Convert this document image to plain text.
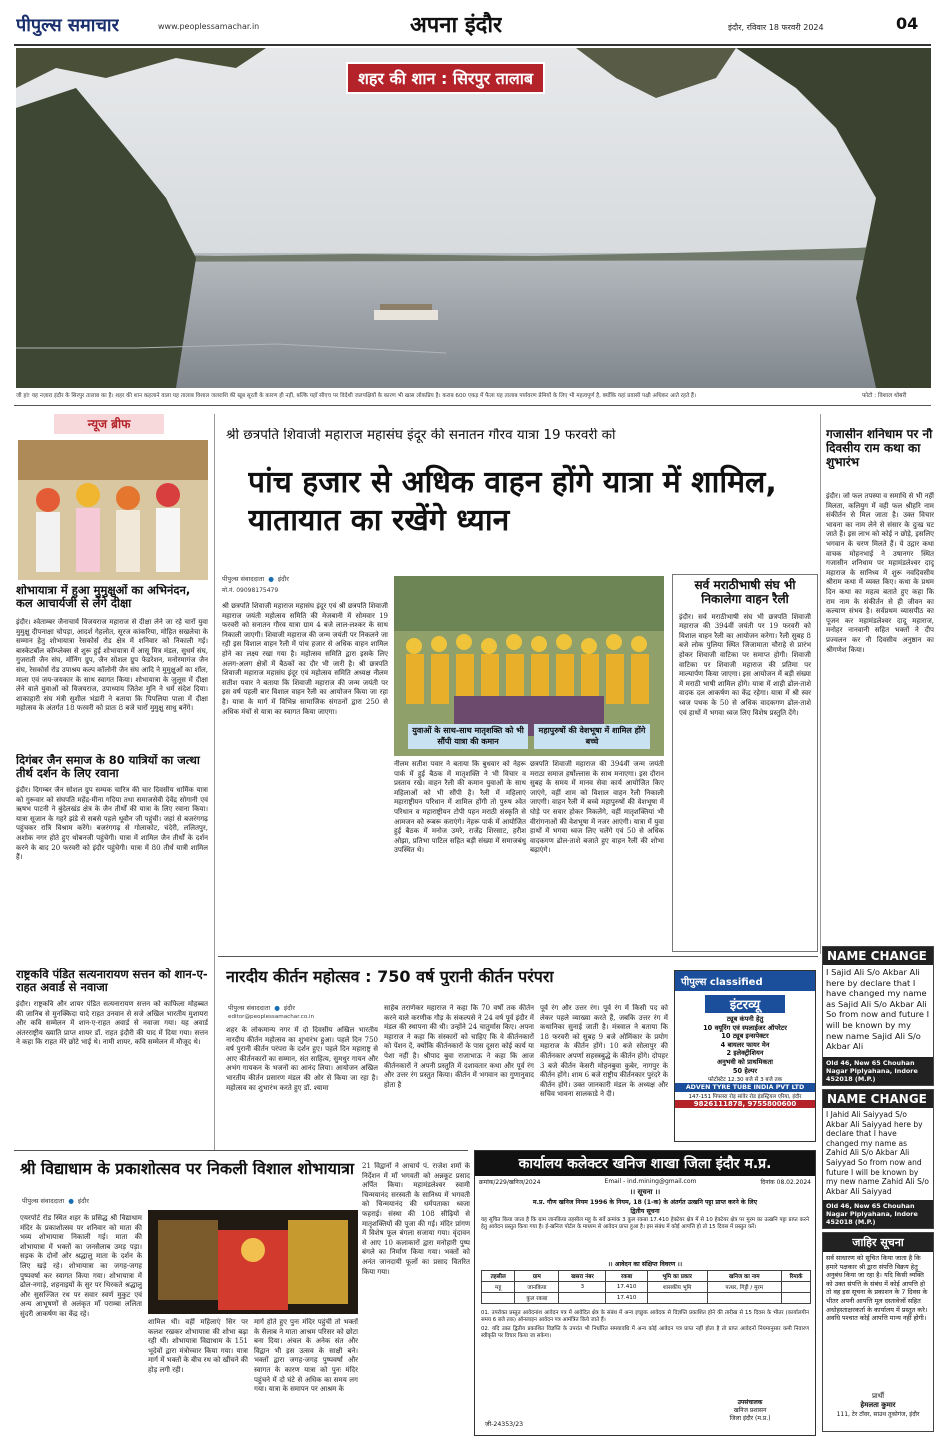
पीपुल्स समाचार	www.peoplessamachar.in	अपना इंदौर	इंदौर, रविवार 18 फरवरी 2024	04
शहर की शान : सिरपुर तालाब
जी हां! यह नज़ारा इंदौर के सिरपुर तालाब का है। शहर की शान कहलाने वाला यह तालाब विशाल जलराशि की खूब सूरती के कारण ही नहीं, बल्कि यहाँ सीएच पर विदेशी जलपक्षियों के कारण भी खास लोकप्रिय है। कराब 600 एकड़ में फैला यह तालाब पर्यावरण प्रेमियों के लिए भी महत्वपूर्ण है, क्योंकि यहां प्रवासी पक्षी अधिकर आते रहते हैं।	फोटो : विशाल थोबरी
न्यूज ब्रीफ
शोभायात्रा में हुआ मुमुक्षुओं का अभिनंदन, कल आचार्यजी से लेंगे दीक्षा
इंदौर। श्वेताम्बर जैनाचार्य विजयराज महाराज से दीक्षा लेने जा रहे चारों युवा मुमुक्षु दीपनाक्षा चोपड़ा, आदर्श गेहलोत, सूरज कांकरिया, मोहित सखलेचा के सम्मान हेतु शोभायात्रा रेसकोर्स रोड क्षेत्र में शनिवार को निकाली गई। बास्केटबॉल कॉम्प्लेक्स से शुरू हुई शोभायात्रा में आसू मित्र मंडल, सुधर्म संघ, गुजराती जैन संघ, मॉनिंग ग्रुप, जैन सोशल ग्रुप फेडरेशन, मनोरमागंज जैन संघ, रेसकोर्स रोड उपाश्रय कल्प कॉलोनी जैन संघ आदि ने मुमुक्षुओं का शॉल, माला एवं जय-जयकार के साथ स्वागत किया। शोभायात्रा के जुलूस में दीक्षा लेने वाले युवाओं को विजयराज, उपाध्याय जितेश मुनि ने धर्म संदेश दिया। शाकाहारी संघ मंत्री सुशील भंडारी ने बताया कि पिपलिया पाला में दीक्षा महोत्सव के अंतर्गत 18 फरवरी को प्रातः 8 बजे चारों मुमुक्षु साधु बनेंगे।
दिगंबर जैन समाज के 80 यात्रियों का जत्था तीर्थ दर्शन के लिए रवाना
इंदौर। दिगम्बर जैन सोशल ग्रुप सम्यक चारित्र की चार दिवसीय धार्मिक यात्रा को गुरूवार को संघपति महेंद्र-मीना गदिया तथा समाजसेवी देवेंद्र सोगानी एवं ऋषभ पाटनी ने बुंदेलखंड क्षेत्र के जैन तीर्थों की यात्रा के लिए रवाना किया। यात्रा सूजान के गहरे झंडे से सबसे पहले थूवौन जी पहुंची। जहां से बजरंगगढ़ पहुंचकर रात्रि विश्राम करेंगे। बजरंगगढ़ से गोलाकोट, चंदेरी, ललितपुर, अशोक नगर होते हुए थोबनजी पहुंचेगी। यात्रा में शामिल जैन तीर्थों के दर्शन करने के बाद 20 फरवरी को इंदौर पहुंचेगी। यात्रा में 80 तीर्थ यात्री शामिल हैं।
राष्ट्रकवि पंडित सत्यनारायण सत्तन को शान-ए-राहत अवार्ड से नवाजा
इंदौर। राष्ट्रकवि और शायर पंडित सत्यनारायण सत्तन को काफिला मोहब्बत की जानिब से मुनक्किदा यादे राहत उनवान से सजे अखिल भारतीय मुशायरा और कवि सम्मेलन में शान-ए-राहत अवार्ड से नवाजा गया। यह अवार्ड अंतरराष्ट्रीय ख्याति प्राप्त शायर डॉ. राहत इंदौरी की याद में दिया गया। सत्तन ने कहा कि राहत मेरे छोटे भाई थे। नामी शायर, कवि सम्मेलन में मौजूद थे।
श्री छत्रपति शिवाजी महाराज महासंघ इंदूर की सनातन गौरव यात्रा 19 फरवरी को
पांच हजार से अधिक वाहन होंगे यात्रा में शामिल, यातायात का रखेंगे ध्यान
पीपुल्स संवाददाता ● इंदौर
मो.नं. 09098175479
श्री छत्रपति शिवाजी महाराज महासंघ इंदूर एवं श्री छत्रपति शिवाजी महाराज जयंती महोत्सव समिति की मेजबानी में सोमवार 19 फरवरी को सनातन गौरव यात्रा ग्राम 4 बजे लाल-लश्कर के साथ निकाली जाएगी। शिवाजी महाराज की जन्म जयंती पर निकलने जा रही इस विशाल वाहन रैली में पांच हजार से अधिक वाहन शामिल होने का लक्ष्य रखा गया है। महोत्सव समिति द्वारा इसके लिए अलग-अलग क्षेत्रों में बैठकों का दौर भी जारी है। श्री छत्रपति शिवाजी महाराज महासंघ इंदूर एवं महोत्सव समिति अध्यक्ष नीलम सतीश पवार ने बताया कि शिवाजी महाराज की जन्म जयंती पर इस वर्ष पहली बार विशाल वाहन रैली का आयोजन किया जा रहा है। यात्रा के मार्ग में विभिन्न सामाजिक संगठनों द्वारा 250 से अधिक मंचों से यात्रा का स्वागत किया जाएगा।
युवाओं के साथ-साथ मातृशक्ति को भी सौंपी यात्रा की कमान
महापुरुषों की वेशभूषा में शामिल होंगे बच्चे
नीलम सतीश पवार ने बताया कि बुधवार को नेहरू पार्क में हुई बैठक में मातृशक्ति ने भी विचार व प्रस्ताव रखे। वाहन रैली की कमान युवाओं के साथ महिलाओं को भी सौंपी है। रैली में महिलाएं महाराष्ट्रीयन परिधान में शामिल होंगी तो पुरुष श्वेत परिधान व महाराष्ट्रीयन टोपी पहन मराठी संस्कृति से आमजन को रूबरू कराएंगे। नेहरू पार्क में आयोजित हुई बैठक में मनोज उमरे, राजेंद्र शिरसाट, हरीश ओझा, प्रतिभा पाटिल सहित बड़ी संख्या में समाजबंधु उपस्थित थे।
छत्रपति शिवाजी महाराज की 394वीं जन्म जयंती मराठा समाज हर्षोल्लास के साथ मनाएगा। इस दौरान सुबह के समय में मानव सेवा कार्य आयोजित किए जाएंगे, वहीं शाम को विशाल वाहन रैली निकाली जाएगी। वाहन रैली में बच्चे महापुरुषों की वेशभूषा में घोड़े पर सवार होकर निकलेंगे, वहीं मातृशक्तियां भी वीरांगनाओं की वेशभूषा में नजर आएंगी। यात्रा में युवा हाथों में भगवा ध्वज लिए चलेंगे एवं 50 से अधिक वादकगण ढोल-ताशे बजाते हुए वाहन रैली की शोभा बढ़ाएंगे।
सर्व मराठीभाषी संघ भी निकालेगा वाहन रैली
इंदौर। सर्व मराठीभाषी संघ भी छत्रपति शिवाजी महाराज की 394वीं जयंती पर 19 फरवरी को विशाल वाहन रैली का आयोजन करेगा। रैली सुबह 8 बजे लोक पुलिया स्थित जिजामाता चौराहे से प्रारंभ होकर शिवाजी वाटिका पर समाप्त होगी। शिवाजी वाटिका पर शिवाजी महाराज की प्रतिमा पर माल्यार्पण किया जाएगा। इस आयोजन में बड़ी संख्या में मराठी भाषी शामिल होंगे। यात्रा में शाही ढोल-ताशे वादक दल आकर्षण का केंद्र रहेगा। यात्रा में श्री स्वर ध्वज पथक के 50 से अधिक वादकगण ढोल-ताशे एवं हाथों में भगवा ध्वज लिए विशेष प्रस्तुति देंगे।
गजासीन शनिधाम पर नौ दिवसीय राम कथा का शुभारंभ
इंदौर। जो फल तपस्या व समाधि से भी नहीं मिलता, कलियुग में वही फल श्रीहरि नाम संकीर्तन से मिल जाता है। उक्त विचार भावना का नाम लेने से संसार के दुःख घट जाते हैं। इस लाभ को कोई न छोड़े, इसलिए भगवान के चरण मिलते हैं। ये उद्गार कथा वाचक मोहनभाई ने उषानगर स्थित गजासीन शनिधाम पर महामंडलेश्वर दादू महाराज के सानिध्य में शुरू नवदिवसीय श्रीराम कथा में व्यक्त किए। कथा के प्रथम दिन कथा का महत्व बताते हुए कहा कि राम नाम के संकीर्तन से ही जीवन का कल्याण संभव है। सर्वप्रथम व्यासपीठ का पूजन कर महामंडलेश्वर दादू महाराज, मनोहर नानवानी सहित भक्तों ने दीप प्रज्वलन कर नौ दिवसीय अनुष्ठान का श्रीगणेश किया।
NAME CHANGE
I Sajid Ali S/o Akbar Ali here by declare that I have changed my name as Sajid Ali S/o Akbar Ali So from now and future I will be known by my new name Sajid Ali S/o Akbar Ali
Old 46, New 65 Chouhan Nagar Piplyahana, Indore 452018 (M.P.)
NAME CHANGE
I Jahid Ali Saiyyad S/o Akbar Ali Saiyyad here by declare that I have changed my name as Zahid Ali S/o Akbar Ali Saiyyad So from now and future I will be known by my new name Zahid Ali S/o Akbar Ali Saiyyad
Old 46, New 65 Chouhan Nagar Piplyahana, Indore 452018 (M.P.)
जाहिर सूचना
सर्व साधारण को सूचित किया जाता है कि हमारे पक्षकार श्री द्वारा संपत्ति विक्रय हेतु अनुबंध किया जा रहा है। यदि किसी व्यक्ति को उक्त संपत्ति के संबंध में कोई आपत्ति हो तो वह इस सूचना के प्रकाशन के 7 दिवस के भीतर अपनी आपत्ति मूल दस्तावेजों सहित अधोहस्ताक्षरकर्ता के कार्यालय में प्रस्तुत करे। अवधि पश्चात कोई आपत्ति मान्य नहीं होगी।
प्रार्थी
हेमलता कुमार
111, टेर टॉवर, साउथ तुकोगंज, इंदौर
नारदीय कीर्तन महोत्सव : 750 वर्ष पुरानी कीर्तन परंपरा
पीपुल्स संवाददाता ● इंदौर
editor@peoplessamachar.co.in
शहर के लोकमान्य नगर में दो दिवसीय अखिल भारतीय नारदीय कीर्तन महोत्सव का शुभारंभ हुआ। पहले दिन 750 वर्ष पुरानी कीर्तन परंपरा के दर्शन हुए। पहले दिन महाराष्ट्र से आए कीर्तनकारों का सम्मान, संत साहित्य, सुमधुर गायन और अभंग गायकन के भजनों का आनंद लिया। आयोजन अखिल भारतीय कीर्तन प्रसारण मंडल की ओर से किया जा रहा है। महोत्सव का शुभारंभ करते हुए डॉ. श्यामा
साहेब तराणेकर महाराज ने कहा कि 70 वर्षों तक कीर्तन करने वाले करणीक गौड़ के संकल्पसे ने 24 वर्ष पूर्व इंदौर में मंडल की स्थापना की थी। उन्होंने 24 चातुर्मास किए। अपना महाराज ने कहा कि संस्कारों को चाहिए कि वे कीर्तनकारों को पेंशन दें, क्योंकि कीर्तनकारों के पास दूसरा कोई कार्य या पेशा नहीं है। श्रीपाद बुवा राजाभाऊ ने कहा कि आज कीर्तनकारों ने अपनी प्रस्तुति में दशावतार कथा और पूर्व रंग और उत्तर रंग प्रस्तुत किया। कीर्तन में भगवान का गुणानुवाद होता है
पूर्व रंग और उत्तर रंग। पूर्व रंग में किसी पद को लेकर पहले व्याख्या करते हैं, जबकि उत्तर रंग में कथानिका सुनाई जाती है। मंत्रवाल ने बताया कि 18 फरवरी को सुबह 9 बजे ओमिंकार के प्रयोग महाराज के कीर्तन होंगे। 10 बजे सोलापुर की कीर्तनकार अपर्णा सहस्त्रबुद्धे के कीर्तन होंगे। दोपहर 3 बजे कीर्तन केसरी मोहनबुवा कुबेर, नागपुर के कीर्तन होंगे। शाम 6 बजे राष्ट्रीय कीर्तनकार पुरंदरे के कीर्तन होंगे। उक्त जानकारी मंडल के अध्यक्ष और सचिव भावना सालकाडे ने दी।
पीपुल्स classified
इंटरव्यू
ट्यूब कंपनी हेतु
10 वयूरिंग एवं स्पलाईजर ऑपरेटर
10 ट्यूब इन्सपेक्टर
4 बायलर फायर मेन
2 इलेक्ट्रीशियन
अनुभवी को प्राथमिकता
50 हेल्पर
फोटोस्टेट 12.30 बजे से 3 बजे तक
ADVEN TYRE TUBE INDIA PVT LTD
147-151 पिपलरा रोड़ सांवेर रोड इंडस्ट्रियल एरिया, इंदौर
9826111878, 9755800600
श्री विद्याधाम के प्रकाशोत्सव पर निकली विशाल शोभायात्रा
पीपुल्स संवाददाता ● इंदौर
एयरपोर्ट रोड स्थित शहर के प्रसिद्ध श्री विद्याधाम मंदिर के प्रकाशोत्सव पर शनिवार को माता की भव्य शोभायात्रा निकाली गई। माता की शोभायात्रा में भक्तों का जनसैलाब उमड़ पड़ा। सड़क के दोनों ओर श्रद्धालु माता के दर्शन के लिए खड़े रहे। शोभायात्रा का जगह-जगह पुष्पवर्षा कर स्वागत किया गया। शोभायात्रा में ढोल-नगाड़े, शहनाइयों के सुर पर थिरकते श्रद्धालु और सुसज्जित रथ पर सवार स्वर्ण मुकुट एवं अन्य आभूषणों से अलंकृत माँ पराम्बा ललिता सुंदरी आकर्षण का केंद्र रहे।
शामिल थीं। वहीं महिलाएं सिर पर कलश रखकर शोभायात्रा की शोभा बढ़ा रही थीं। शोभायात्रा विद्याधाम के 151 भूदेवों द्वारा मंत्रोच्चार किया गया। यात्रा मार्ग में भक्तों के बीच रथ को खींचने की होड़ लगी रही।
मार्ग होते हुए पुनः मंदिर पहुंची तो भक्तों के सैलाब ने माता आश्रम परिसर को छोटा बना दिया। अंचल के अनेक संत और विद्वान भी इस उत्सव के साक्षी बने। भक्तों द्वारा जगह-जगह पुष्पवर्षा और स्वागत के कारण यात्रा को पुनः मंदिर पहुंचने में दो घंटे से अधिक का समय लग गया। यात्रा के समापन पर आश्रम के
21 विद्वानों ने आचार्य पं. राजेश शर्मा के निर्देशन में माँ भगवती को अन्नकूट प्रसाद अर्पित किया। महामंडलेश्वर स्वामी चिन्मयानंद सरस्वती के सानिध्य में भगवती को चिन्मयानंद की धर्मपताका ध्वजा फहराई। संस्था की 108 सीढ़ियों से मातृशक्तियों की पूजा की गई। मंदिर प्रांगण में विशेष फूल बंगला सजाया गया। वृंदावन से आए 10 कलाकारों द्वारा मनोहारी पुष्प बंगले का निर्माण किया गया। भक्तों को अनंत जानदायी फूलों का प्रसाद वितरित किया गया।
कार्यालय कलेक्टर खनिज शाखा जिला इंदौर म.प्र.
क्रमांक/229/खनिज/2024	Email - ind.mining@gmail.com	दिनांक 08.02.2024
।। सूचना ।।
म.प्र. गौण खनिज नियम 1996 के नियम, 18 (1-क) के अंतर्गत उत्खनि पट्टा प्राप्त करने के लिए
द्वितीय सूचना
यह सूचित किया जाता है कि ग्राम जानकिया तहसील महू के सर्वे क्रमांक 3 कुल रकबा 17.410 हेक्टेयर क्षेत्र में से 10 हेक्टेयर क्षेत्र पर मुरम का उत्खनि पट्टा प्राप्त करने हेतु आवेदन प्रस्तुत किया गया है। ई-खनिज पोर्टल के माध्यम से आवेदन प्राप्त हुआ है। इस संबंध में कोई आपत्ति हो तो 15 दिवस में प्रस्तुत करें।
।। आवेदन का संक्षिप्त विवरण ।।
तहसील	ग्राम	खसरा नंबर	रकबा	भूमि का प्रकार	खनिज का नाम	रिमार्क
महू	जानकिया	3	17.410	शासकीय भूमि	पत्थर, गिट्टी / मुरम	
	कुल रकबा		17.410			
01. उपरोक्त प्रस्तुत आवेदनांश आवेदन पत्र में आवेदित क्षेत्र के संबंध में अन्य इच्छुक आवेदक से विज्ञप्ति प्रकाशित होने की तारीख से 15 दिवस के भीतर (कार्यालयीन समय 6 बजे तक) ऑनलाइन आवेदन पत्र आमंत्रित किये जाते हैं।
02. यदि उक्त द्वितीय प्रकाशित विज्ञप्ति के उपरांत भी निर्धारित समयावधि में अन्य कोई आवेदन पत्र प्राप्त नहीं होता है तो प्राप्त आवेदनों नियमानुसार कमी निवारण स्वीकृति पर विचार किया जा सकेगा।
उपसंचालक
खनिज प्रशासन
जिला इंदौर (म.प्र.)
जी-24353/23
